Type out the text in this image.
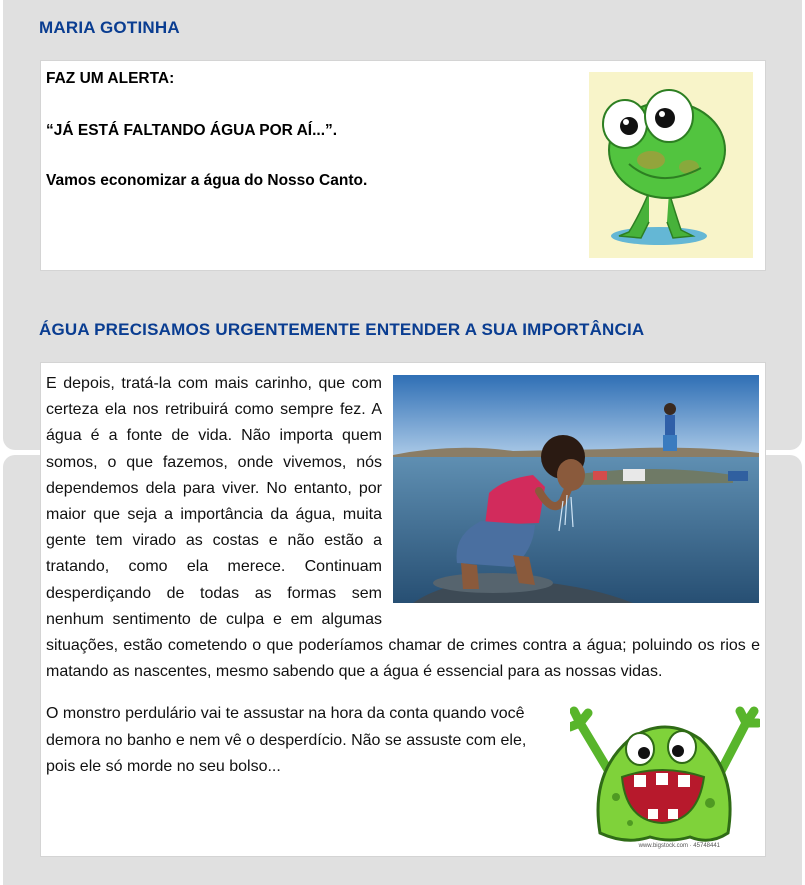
MARIA GOTINHA

FAZ UM ALERTA:

“JÁ ESTÁ FALTANDO ÁGUA POR AÍ...”.

Vamos economizar a água do Nosso Canto.

ÁGUA PRECISAMOS URGENTEMENTE ENTENDER A SUA IMPORTÂNCIA

E depois, tratá-la com mais carinho, que com certeza ela nos retribuirá como sempre fez. A água é a fonte de vida. Não importa quem somos, o que fazemos, onde vivemos, nós dependemos dela para viver. No entanto, por maior que seja a importância da água, muita gente tem virado as costas e não estão a tratando, como ela merece. Continuam desperdiçando de todas as formas sem nenhum sentimento de culpa e em algumas situações, estão cometendo o que poderíamos chamar de crimes contra a água; poluindo os rios e matando as nascentes, mesmo sabendo que a água é essencial para as nossas vidas.

www.bigstock.com · 45748441

O monstro perdulário vai te assustar na hora da conta quando você demora no banho e nem vê o desperdício. Não se assuste com ele, pois ele só morde no seu bolso...
